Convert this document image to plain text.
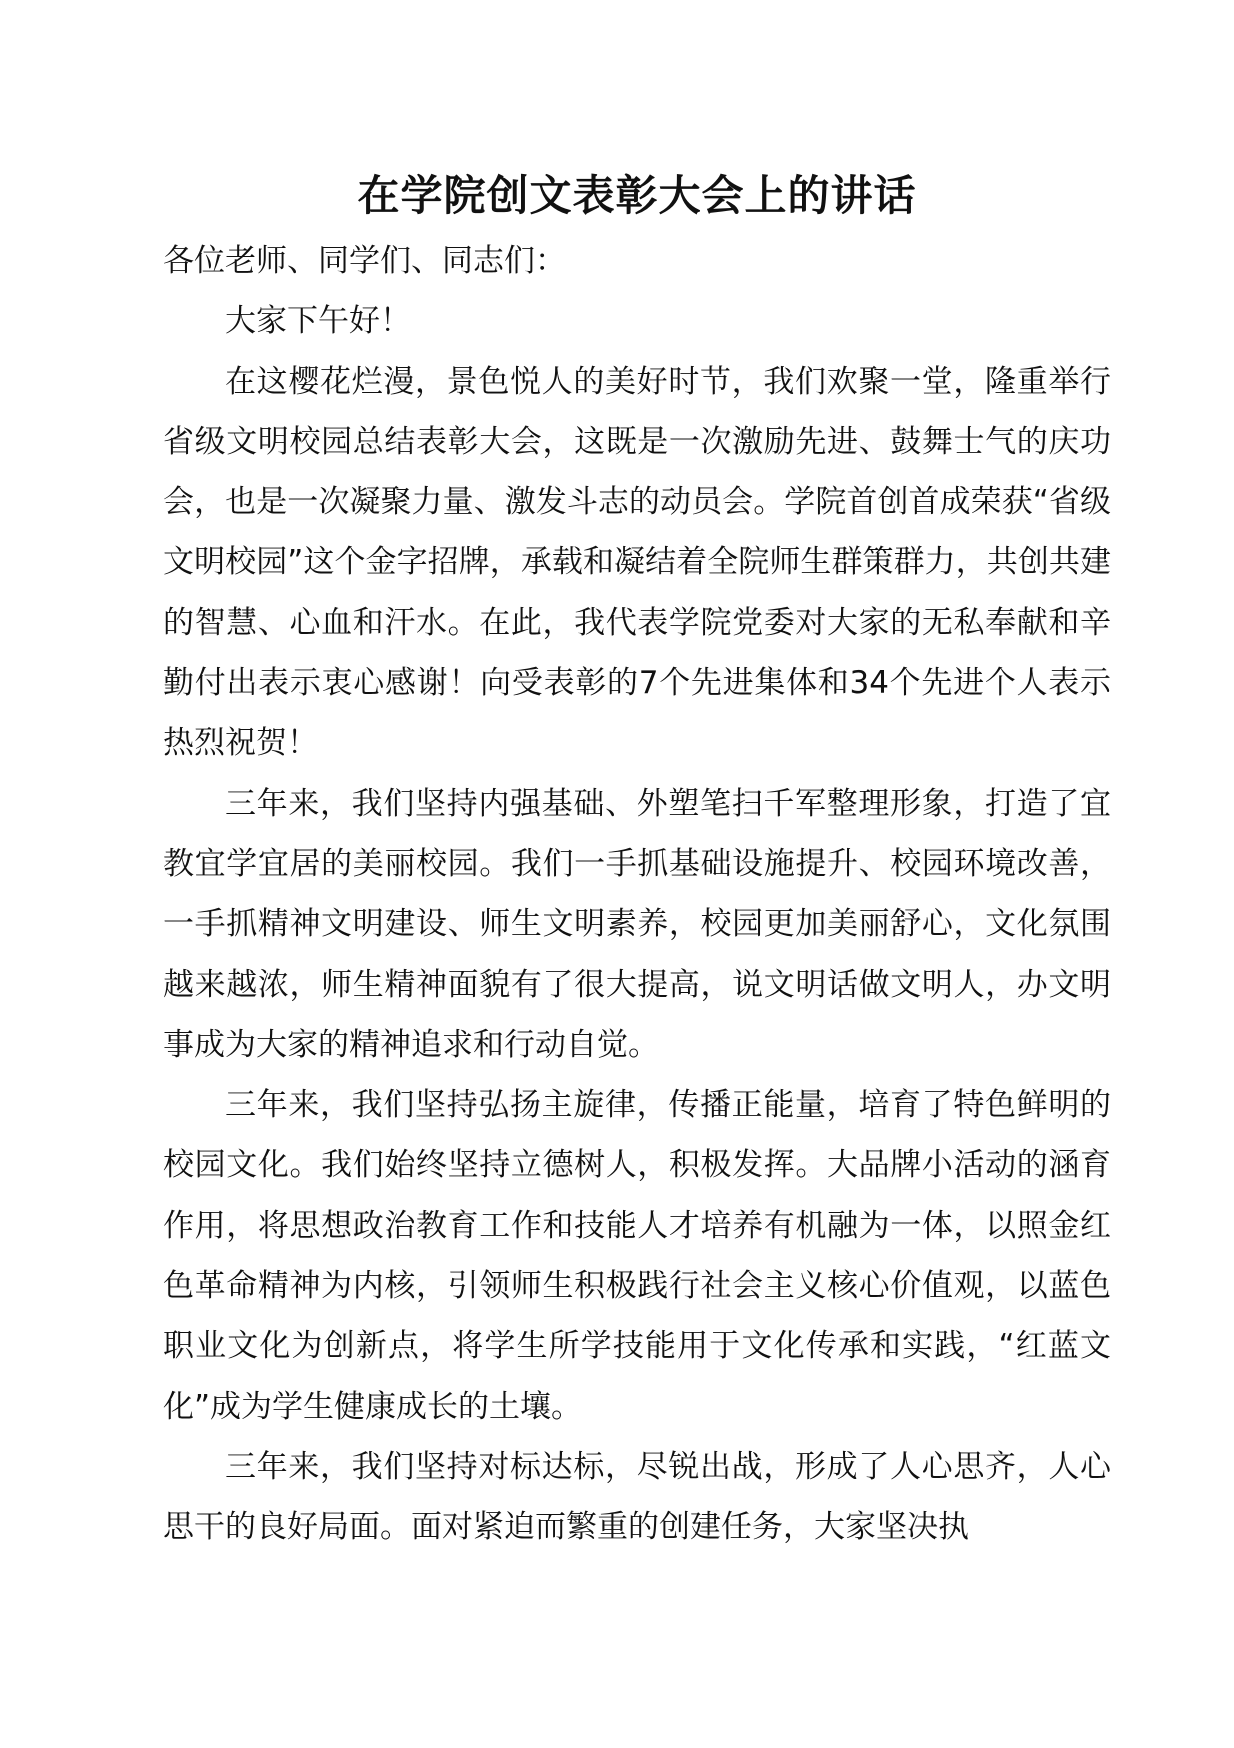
在学院创文表彰大会上的讲话

各位老师、同学们、同志们：

大家下午好！

在这樱花烂漫，景色悦人的美好时节，我们欢聚一堂，隆重举行省级文明校园总结表彰大会，这既是一次激励先进、鼓舞士气的庆功会，也是一次凝聚力量、激发斗志的动员会。学院首创首成荣获“省级文明校园”这个金字招牌，承载和凝结着全院师生群策群力，共创共建的智慧、心血和汗水。在此，我代表学院党委对大家的无私奉献和辛勤付出表示衷心感谢！向受表彰的7个先进集体和34个先进个人表示热烈祝贺！

三年来，我们坚持内强基础、外塑笔扫千军整理形象，打造了宜教宜学宜居的美丽校园。我们一手抓基础设施提升、校园环境改善，一手抓精神文明建设、师生文明素养，校园更加美丽舒心，文化氛围越来越浓，师生精神面貌有了很大提高，说文明话做文明人，办文明事成为大家的精神追求和行动自觉。

三年来，我们坚持弘扬主旋律，传播正能量，培育了特色鲜明的校园文化。我们始终坚持立德树人，积极发挥。大品牌小活动的涵育作用，将思想政治教育工作和技能人才培养有机融为一体，以照金红色革命精神为内核，引领师生积极践行社会主义核心价值观，以蓝色职业文化为创新点，将学生所学技能用于文化传承和实践，“红蓝文化”成为学生健康成长的土壤。

三年来，我们坚持对标达标，尽锐出战，形成了人心思齐，人心思干的良好局面。面对紧迫而繁重的创建任务，大家坚决执
